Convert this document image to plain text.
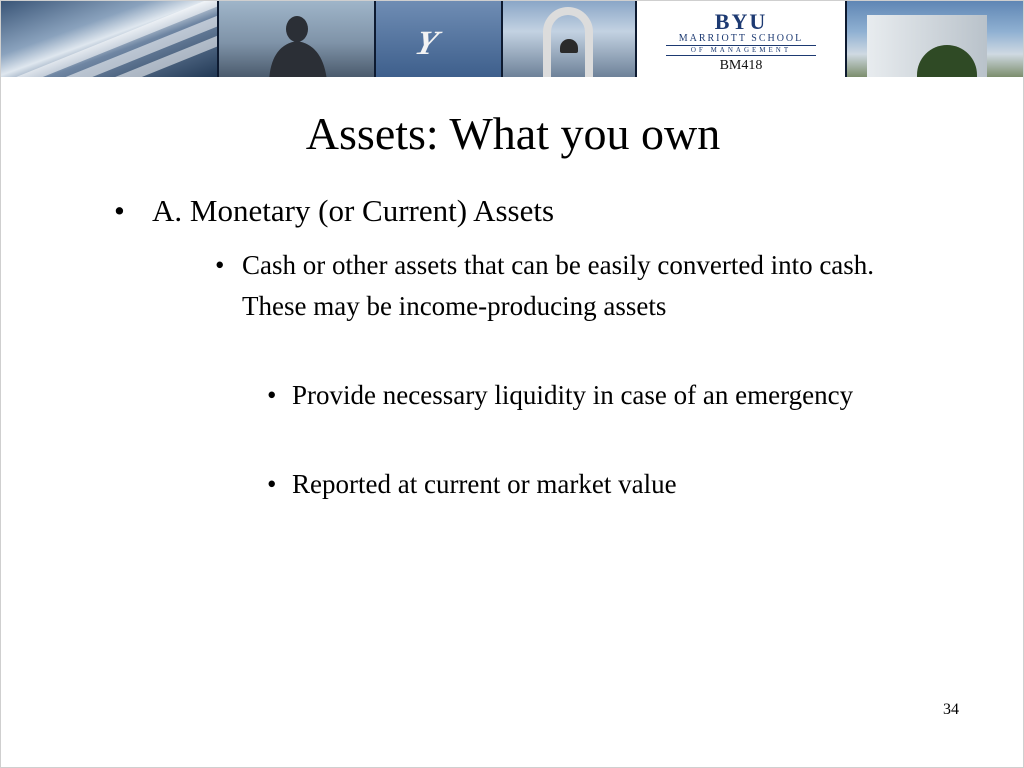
Y
BYU
MARRIOTT SCHOOL
OF MANAGEMENT
BM418
Assets: What you own
• A. Monetary (or Current) Assets
• Cash or other assets that can be easily converted into cash. These may be income-producing assets
• Provide necessary liquidity in case of an emergency
• Reported at current or market value
34
